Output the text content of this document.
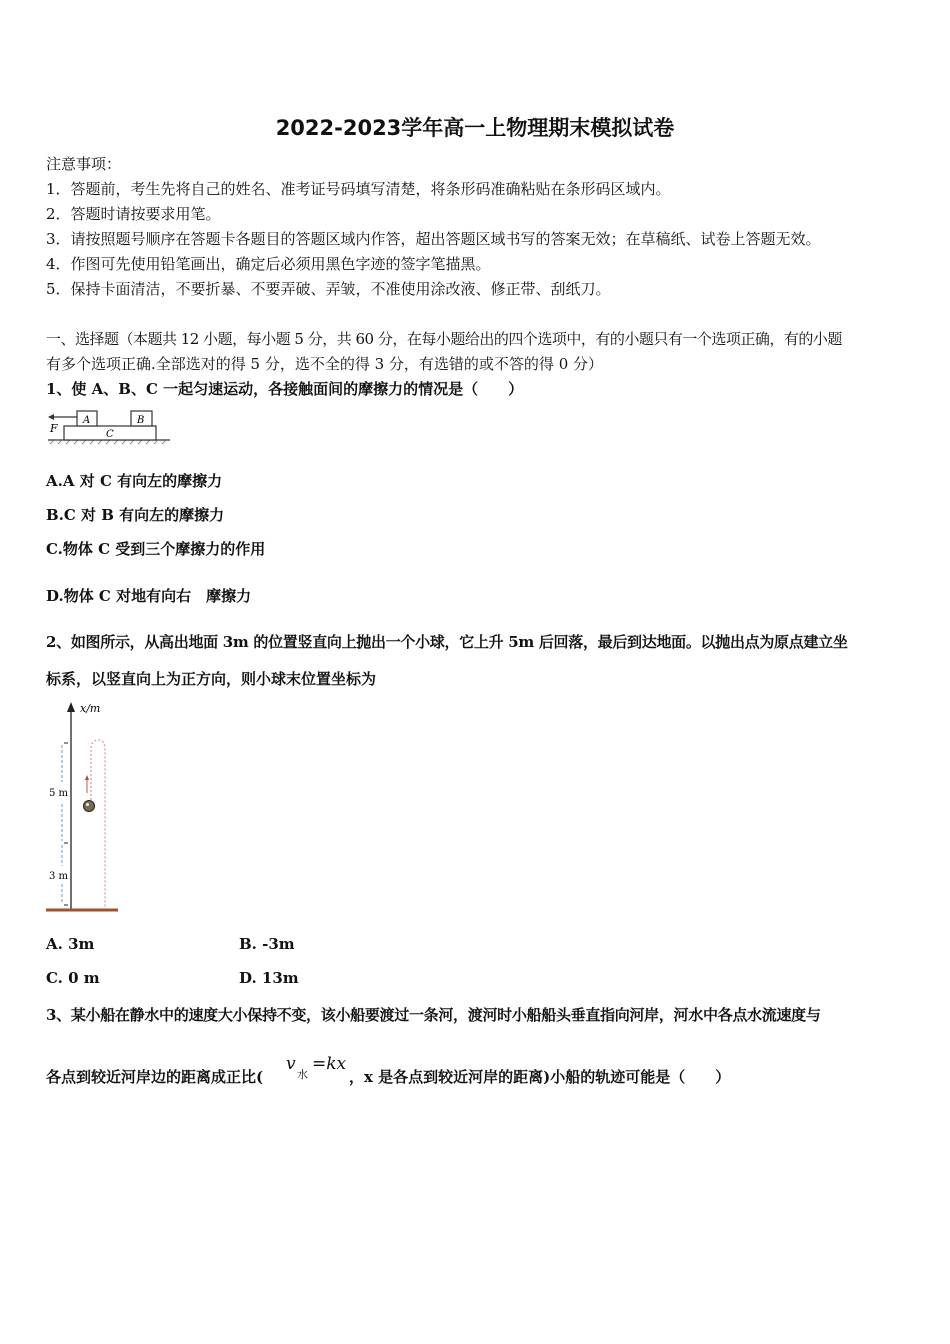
2022-2023学年高一上物理期末模拟试卷
注意事项：
1．答题前，考生先将自己的姓名、准考证号码填写清楚，将条形码准确粘贴在条形码区域内。
2．答题时请按要求用笔。
3．请按照题号顺序在答题卡各题目的答题区域内作答，超出答题区域书写的答案无效；在草稿纸、试卷上答题无效。
4．作图可先使用铅笔画出，确定后必须用黑色字迹的签字笔描黑。
5．保持卡面清洁，不要折暴、不要弄破、弄皱，不准使用涂改液、修正带、刮纸刀。
一、选择题（本题共 12 小题，每小题 5 分，共 60 分，在每小题给出的四个选项中，有的小题只有一个选项正确，有的小题
有多个选项正确.全部选对的得 5 分，选不全的得 3 分，有选错的或不答的得 0 分）
1、使 A、B、C 一起匀速运动，各接触面间的摩擦力的情况是（　　）
F
A	B
C
A.A 对 C 有向左的摩擦力
B.C 对 B 有向左的摩擦力
C.物体 C 受到三个摩擦力的作用
D.物体 C 对地有向右　摩擦力
2、如图所示，从高出地面 3m 的位置竖直向上抛出一个小球，它上升 5m 后回落，最后到达地面。以抛出点为原点建立坐
标系，以竖直向上为正方向，则小球末位置坐标为
x/m
5 m
3 m
A. 3m	B. -3m
C. 0 m	D. 13m
3、某小船在静水中的速度大小保持不变，该小船要渡过一条河，渡河时小船船头垂直指向河岸，河水中各点水流速度与
各点到较近河岸边的距离成正比(
v
水
=kx
，x 是各点到较近河岸的距离)小船的轨迹可能是（　　）
